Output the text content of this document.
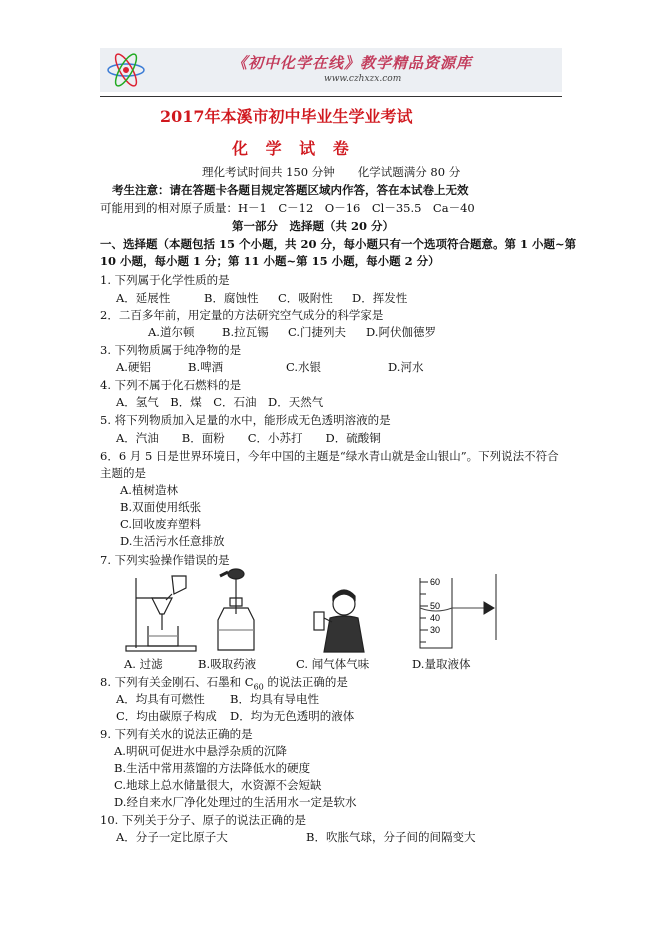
《初中化学在线》教学精品资源库
www.czhxzx.com
2017年本溪市初中毕业生学业考试
化 学 试 卷
理化考试时间共 150 分钟　　化学试题满分 80 分
考生注意：请在答题卡各题目规定答题区域内作答，答在本试卷上无效
可能用到的相对原子质量：H－1　C－12　O－16　Cl－35.5　Ca－40
第一部分　选择题（共 20 分）
一、选择题（本题包括 15 个小题，共 20 分，每小题只有一个选项符合题意。第 1 小题~第
10 小题，每小题 1 分；第 11 小题~第 15 小题，每小题 2 分）
1. 下列属于化学性质的是
A．延展性	B．腐蚀性 C．吸附性 D．挥发性
2．二百多年前，用定量的方法研究空气成分的科学家是
A.道尔顿 B.拉瓦锡 C.门捷列夫 D.阿伏伽德罗
3. 下列物质属于纯净物的是
A.硬铝	B.啤酒	C.水银	D.河水
4. 下列不属于化石燃料的是
A．氢气　B．煤　C．石油　D．天然气
5. 将下列物质加入足量的水中，能形成无色透明溶液的是
A．汽油　　B．面粉　　C．小苏打　　D．硫酸铜
6．6 月 5 日是世界环境日，今年中国的主题是“绿水青山就是金山银山”。下列说法不符合
主题的是
A.植树造林
B.双面使用纸张
C.回收废弃塑料
D.生活污水任意排放
7. 下列实验操作错误的是
60
50
40
30
A. 过滤	B.吸取药液	C. 闻气体气味	D.量取液体
8. 下列有关金刚石、石墨和 $C_{60}$ 的说法正确的是
A．均具有可燃性 B．均具有导电性
C．均由碳原子构成 D．均为无色透明的液体
9. 下列有关水的说法正确的是
A.明矾可促进水中悬浮杂质的沉降
B.生活中常用蒸馏的方法降低水的硬度
C.地球上总水储量很大，水资源不会短缺
D.经自来水厂净化处理过的生活用水一定是软水
10. 下列关于分子、原子的说法正确的是
A．分子一定比原子大	B．吹胀气球，分子间的间隔变大
